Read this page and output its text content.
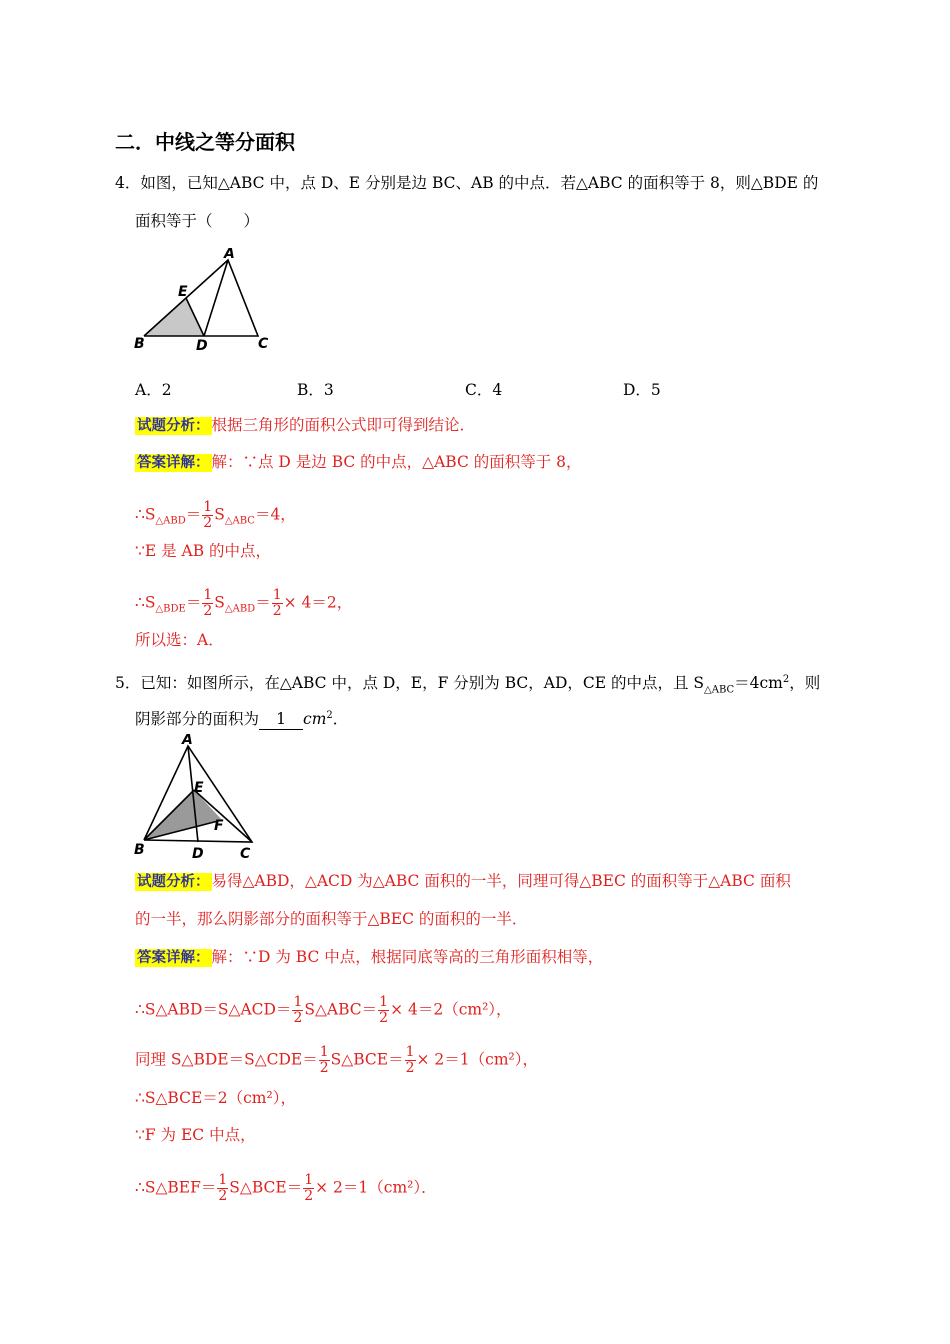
二．中线之等分面积
4．如图，已知△ABC 中，点 D、E 分别是边 BC、AB 的中点．若△ABC 的面积等于 8，则△BDE 的
面积等于（　　）
A
E
B	D	C
A．2	B．3	C．4	D．5
试题分析： 根据三角形的面积公式即可得到结论．
答案详解： 解：∵点 D 是边 BC 的中点，△ABC 的面积等于 8，
$\therefore S_{\triangle ABD}= \frac{1}{2} S_{\triangle ABC}=4$，
∵E 是 AB 的中点，
$\therefore S_{\triangle BDE}= \frac{1}{2} S_{\triangle ABD}= \frac{1}{2} \times 4=2$，
所以选：A．
5．已知：如图所示，在△ABC 中，点 D，E，F 分别为 BC，AD，CE 的中点，且 $S_{\triangle ABC}=4cm^2$，则
阴影部分的面积为 1 $cm^2$．
A
E
F
B	D	C
试题分析： 易得△ABD，△ACD 为△ABC 面积的一半，同理可得△BEC 的面积等于△ABC 面积
的一半，那么阴影部分的面积等于△BEC 的面积的一半．
答案详解： 解：∵D 为 BC 中点，根据同底等高的三角形面积相等，
∴S△ABD＝S△ACD＝ $\frac{1}{2}$ S△ABC＝ $\frac{1}{2} \times 4=2(cm^2)$，
同理 S△BDE＝S△CDE＝ $\frac{1}{2}$ S△BCE＝ $\frac{1}{2} \times 2=1(cm^2)$，
∴S△BCE＝2（cm²），
∵F 为 EC 中点，
∴S△BEF＝ $\frac{1}{2}$ S△BCE＝ $\frac{1}{2} \times 2=1(cm^2)$．
